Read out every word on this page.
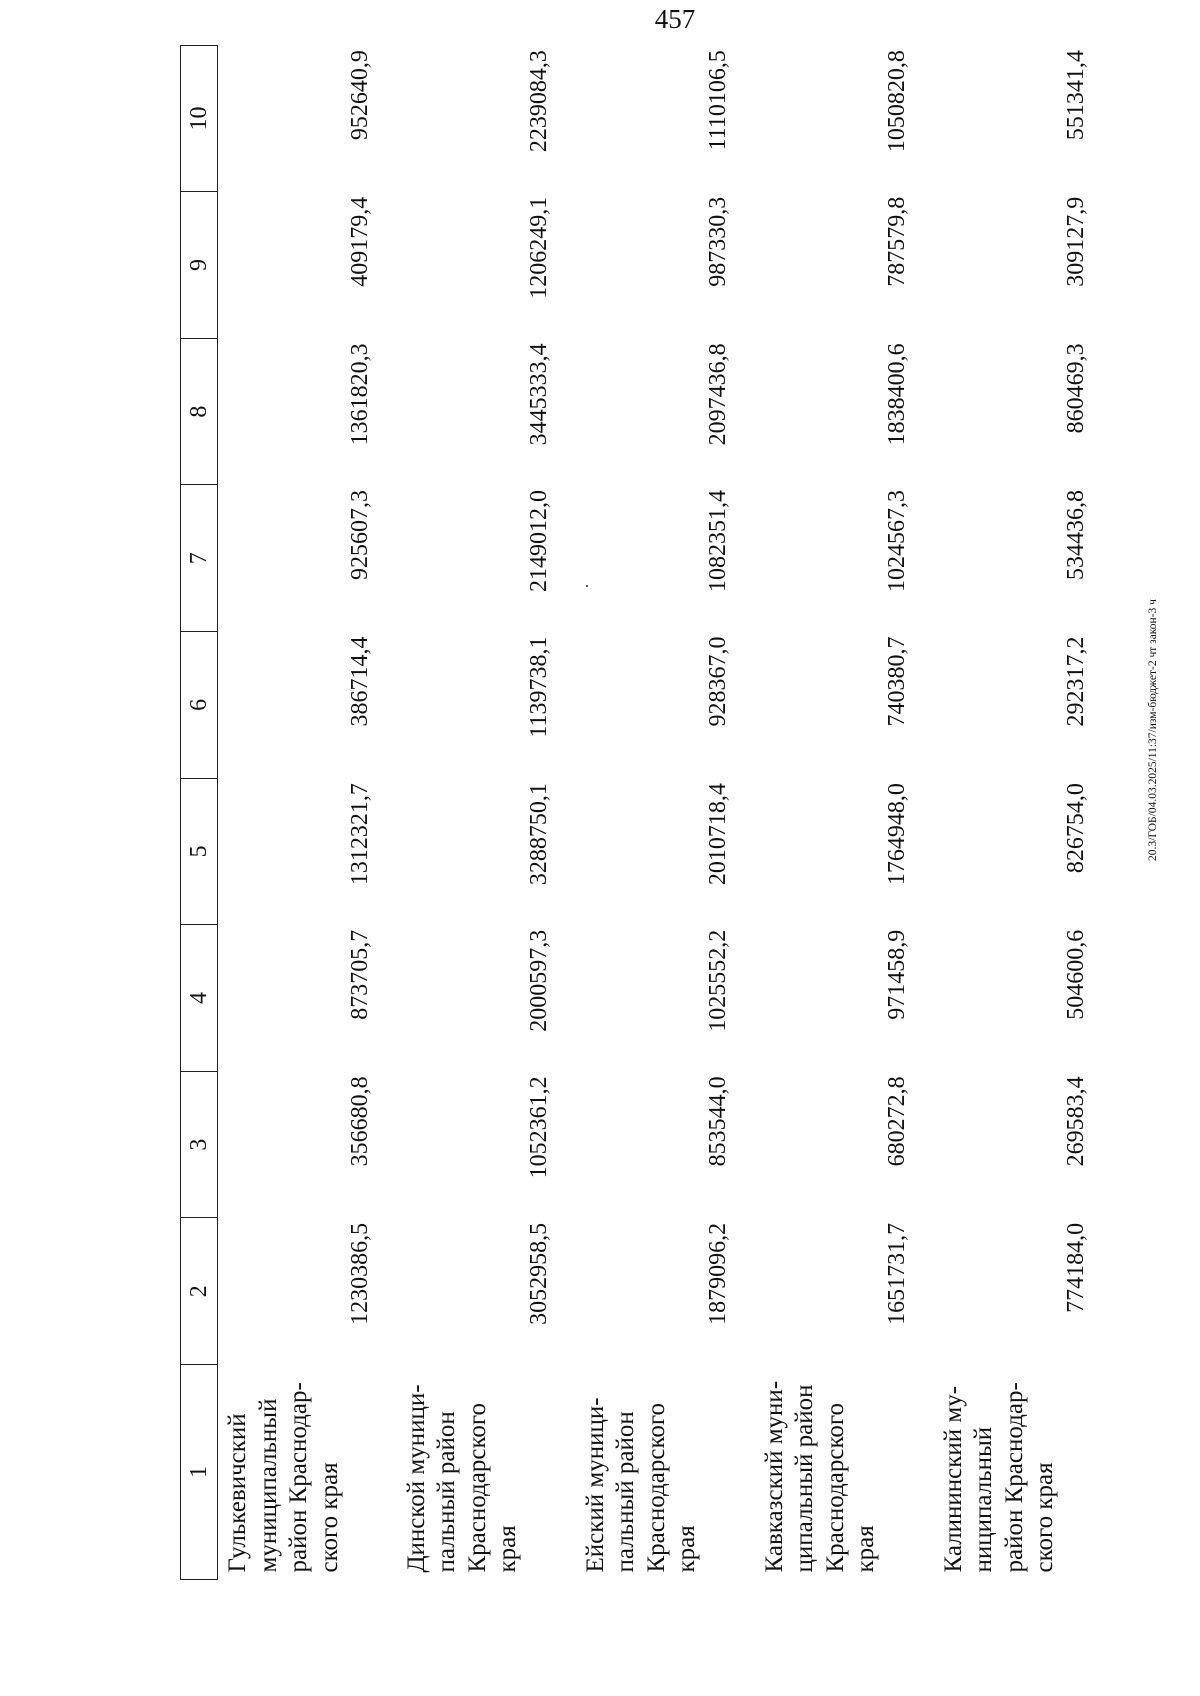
457
20.3/ГОБ/04.03.2025/11:37/изм-бюджет-2 чт закон-3 ч
1	2	3	4	5	6	7	8	9	10
Гулькевичский муниципальный район Краснодар-ского края	1230386,5	356680,8	873705,7	1312321,7	386714,4	925607,3	1361820,3	409179,4	952640,9
Динской муници-пальный район Краснодарского края	3052958,5	1052361,2	2000597,3	3288750,1	1139738,1	2149012,0	3445333,4	1206249,1	2239084,3
Ейский муници-пальный район Краснодарского края	1879096,2	853544,0	1025552,2	2010718,4	928367,0	1082351,4	2097436,8	987330,3	1110106,5
Кавказский муни-ципальный район Краснодарского края	1651731,7	680272,8	971458,9	1764948,0	740380,7	1024567,3	1838400,6	787579,8	1050820,8
Калининский му-ниципальный район Краснодар-ского края	774184,0	269583,4	504600,6	826754,0	292317,2	534436,8	860469,3	309127,9	551341,4
